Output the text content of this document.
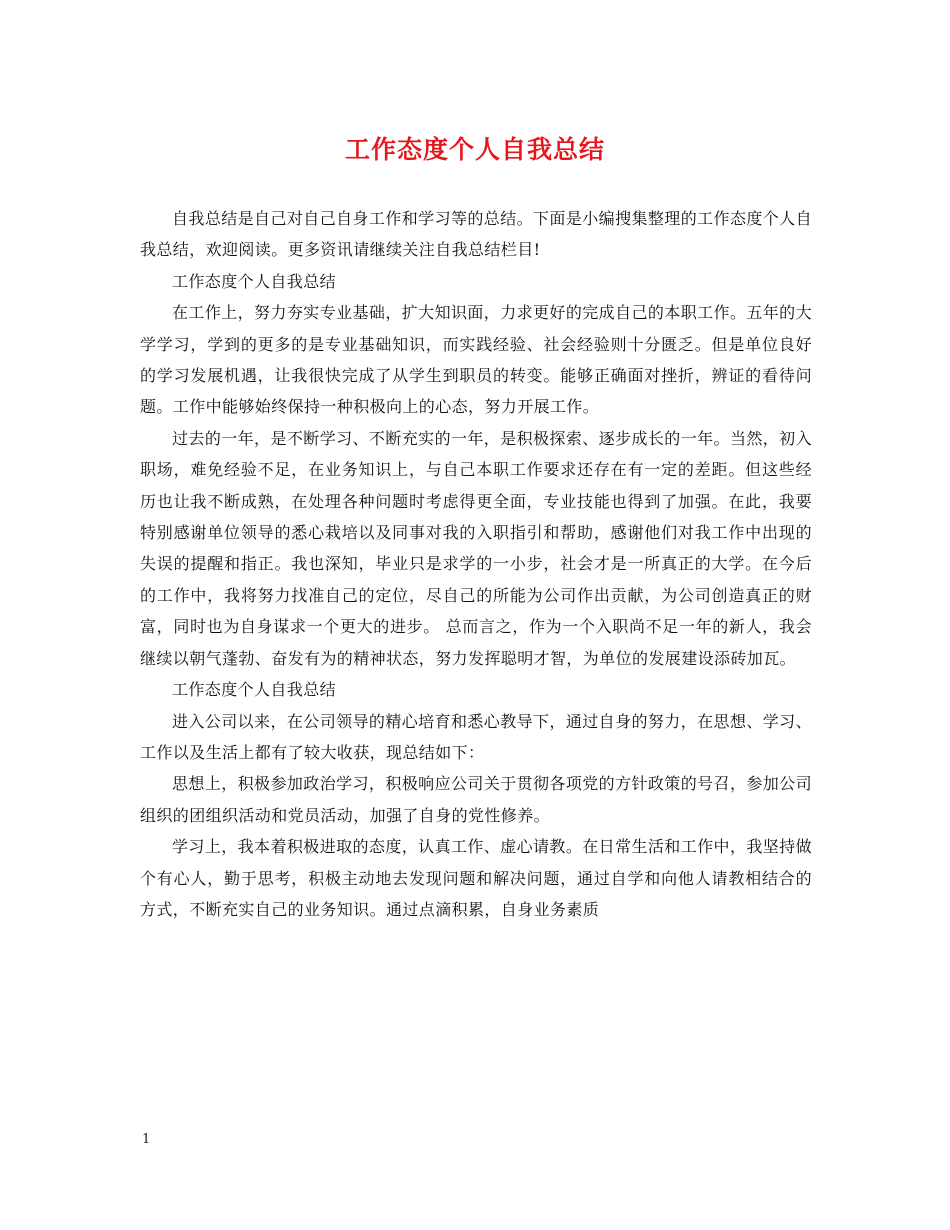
工作态度个人自我总结

自我总结是自己对自己自身工作和学习等的总结。下面是小编搜集整理的工作态度个人自我总结，欢迎阅读。更多资讯请继续关注自我总结栏目!

工作态度个人自我总结

在工作上，努力夯实专业基础，扩大知识面，力求更好的完成自己的本职工作。五年的大学学习，学到的更多的是专业基础知识，而实践经验、社会经验则十分匮乏。但是单位良好的学习发展机遇，让我很快完成了从学生到职员的转变。能够正确面对挫折，辨证的看待问题。工作中能够始终保持一种积极向上的心态，努力开展工作。

过去的一年，是不断学习、不断充实的一年，是积极探索、逐步成长的一年。当然，初入职场，难免经验不足，在业务知识上，与自己本职工作要求还存在有一定的差距。但这些经历也让我不断成熟，在处理各种问题时考虑得更全面，专业技能也得到了加强。在此，我要特别感谢单位领导的悉心栽培以及同事对我的入职指引和帮助，感谢他们对我工作中出现的失误的提醒和指正。我也深知，毕业只是求学的一小步，社会才是一所真正的大学。在今后的工作中，我将努力找准自己的定位，尽自己的所能为公司作出贡献，为公司创造真正的财富，同时也为自身谋求一个更大的进步。 总而言之，作为一个入职尚不足一年的新人，我会继续以朝气蓬勃、奋发有为的精神状态，努力发挥聪明才智，为单位的发展建设添砖加瓦。

工作态度个人自我总结

进入公司以来，在公司领导的精心培育和悉心教导下，通过自身的努力，在思想、学习、工作以及生活上都有了较大收获，现总结如下：

思想上，积极参加政治学习，积极响应公司关于贯彻各项党的方针政策的号召，参加公司组织的团组织活动和党员活动，加强了自身的党性修养。

学习上，我本着积极进取的态度，认真工作、虚心请教。在日常生活和工作中，我坚持做个有心人，勤于思考，积极主动地去发现问题和解决问题，通过自学和向他人请教相结合的方式，不断充实自己的业务知识。通过点滴积累，自身业务素质

1
